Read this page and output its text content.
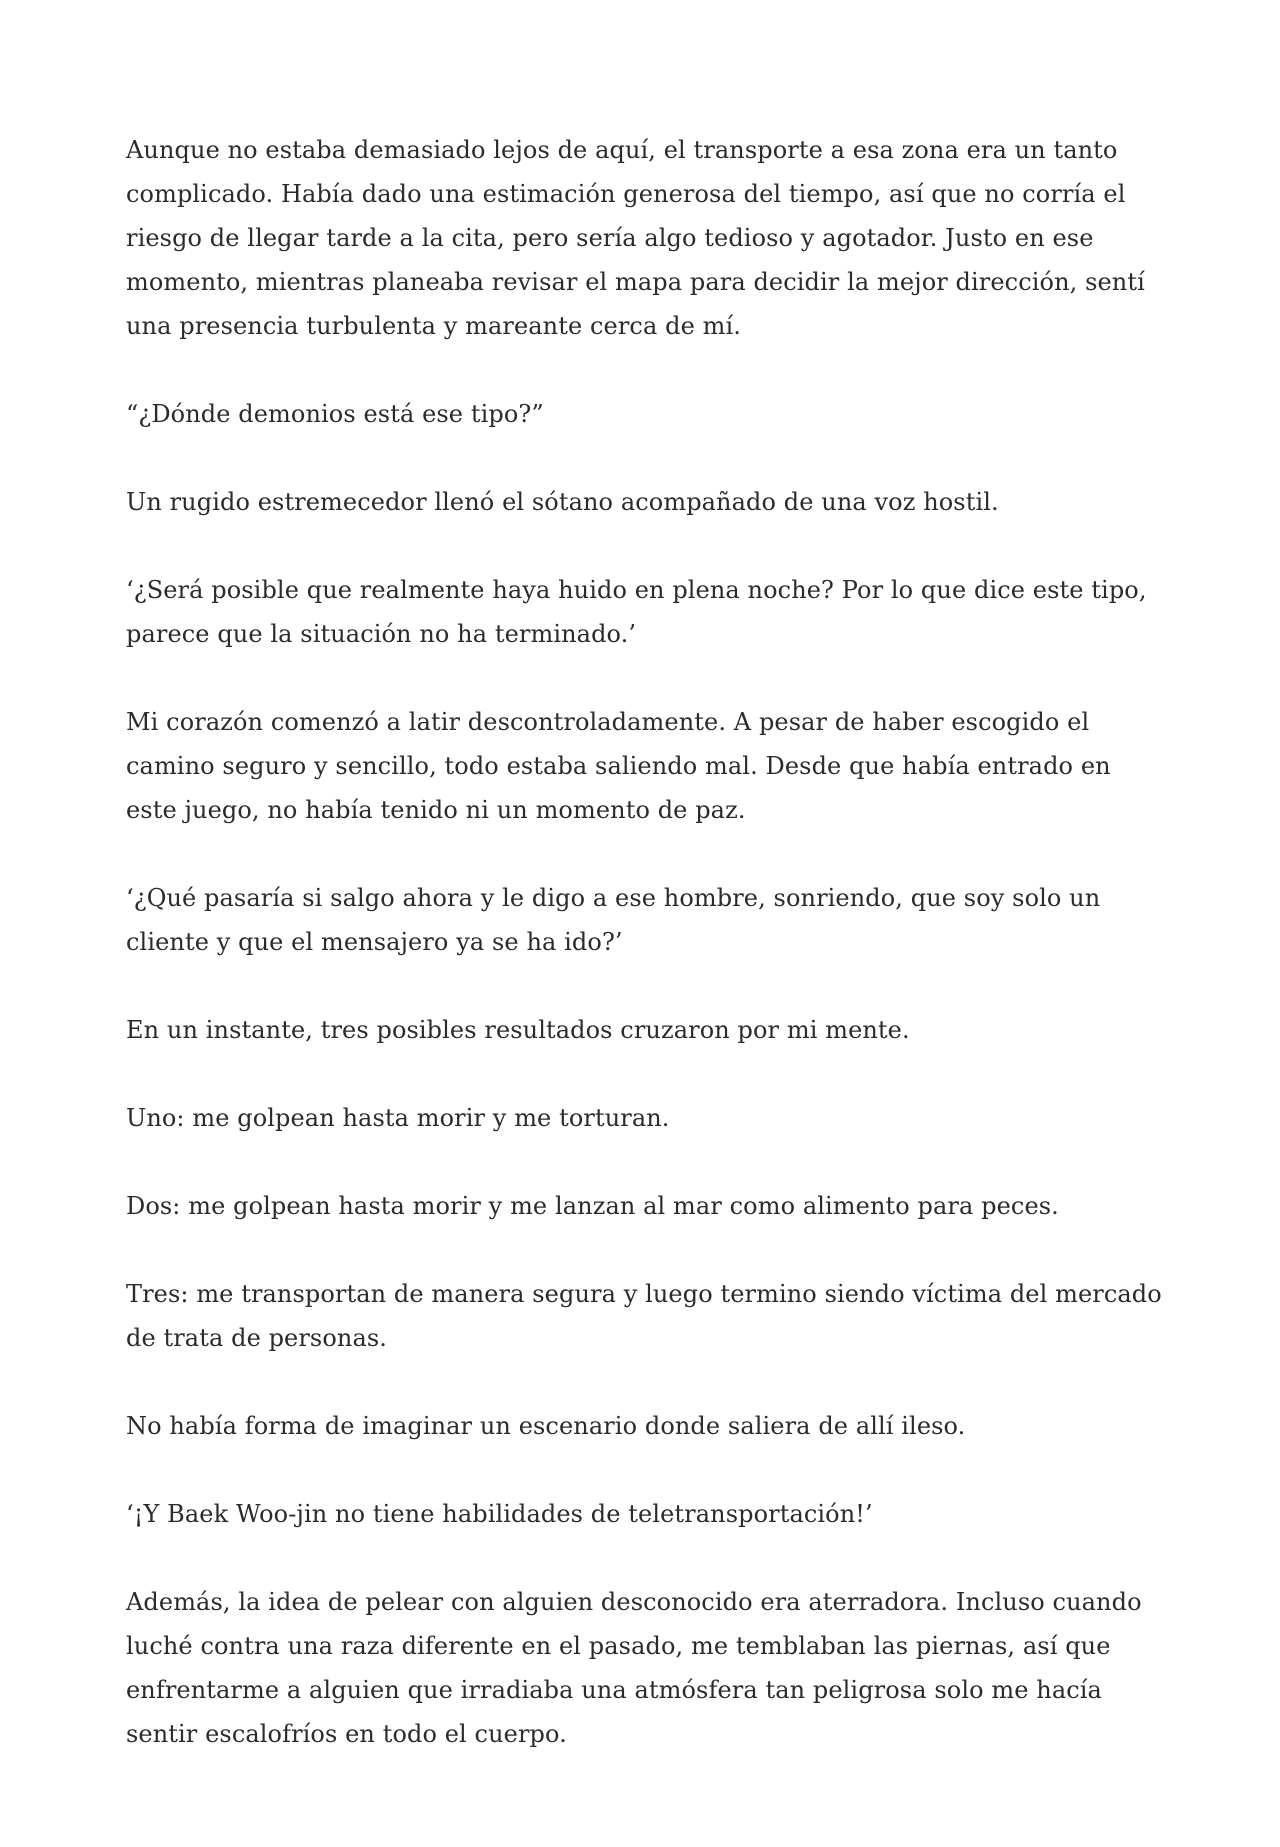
Aunque no estaba demasiado lejos de aquí, el transporte a esa zona era un tanto complicado. Había dado una estimación generosa del tiempo, así que no corría el riesgo de llegar tarde a la cita, pero sería algo tedioso y agotador. Justo en ese momento, mientras planeaba revisar el mapa para decidir la mejor dirección, sentí una presencia turbulenta y mareante cerca de mí.

“¿Dónde demonios está ese tipo?”

Un rugido estremecedor llenó el sótano acompañado de una voz hostil.

‘¿Será posible que realmente haya huido en plena noche? Por lo que dice este tipo, parece que la situación no ha terminado.’

Mi corazón comenzó a latir descontroladamente. A pesar de haber escogido el camino seguro y sencillo, todo estaba saliendo mal. Desde que había entrado en este juego, no había tenido ni un momento de paz.

‘¿Qué pasaría si salgo ahora y le digo a ese hombre, sonriendo, que soy solo un cliente y que el mensajero ya se ha ido?’

En un instante, tres posibles resultados cruzaron por mi mente.

Uno: me golpean hasta morir y me torturan.

Dos: me golpean hasta morir y me lanzan al mar como alimento para peces.

Tres: me transportan de manera segura y luego termino siendo víctima del mercado de trata de personas.

No había forma de imaginar un escenario donde saliera de allí ileso.

‘¡Y Baek Woo-jin no tiene habilidades de teletransportación!’

Además, la idea de pelear con alguien desconocido era aterradora. Incluso cuando luché contra una raza diferente en el pasado, me temblaban las piernas, así que enfrentarme a alguien que irradiaba una atmósfera tan peligrosa solo me hacía sentir escalofríos en todo el cuerpo.
